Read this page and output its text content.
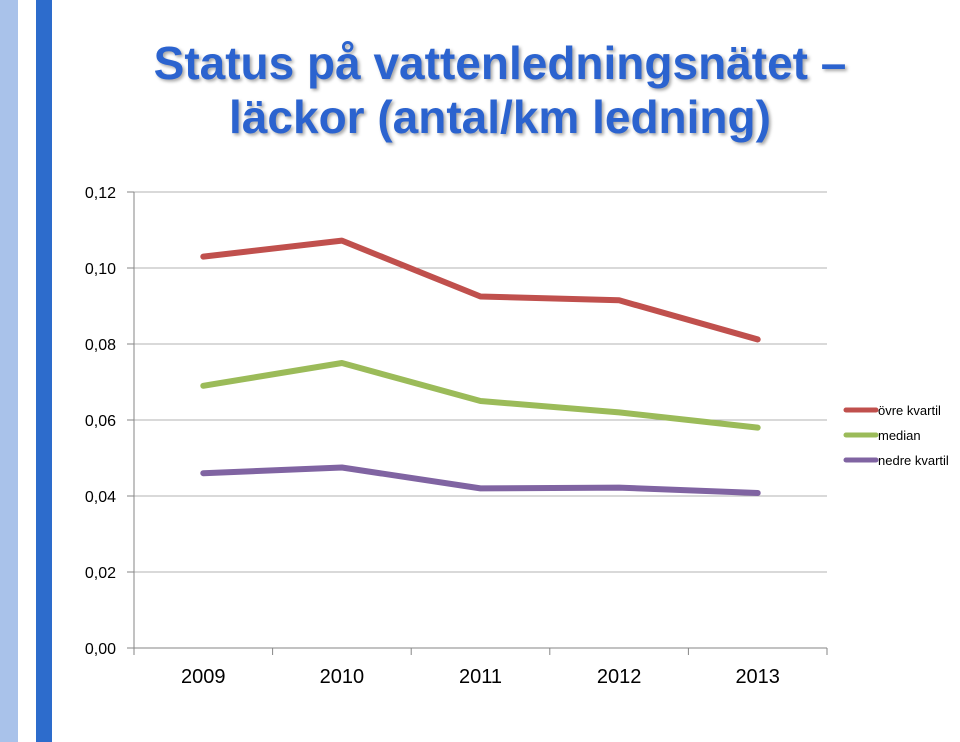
Status på vattenledningsnätet –
läckor (antal/km ledning)
0,00
0,02
0,04
0,06
0,08
0,10
0,12
2009	2010	2011	2012	2013
övre kvartil
median
nedre kvartil
